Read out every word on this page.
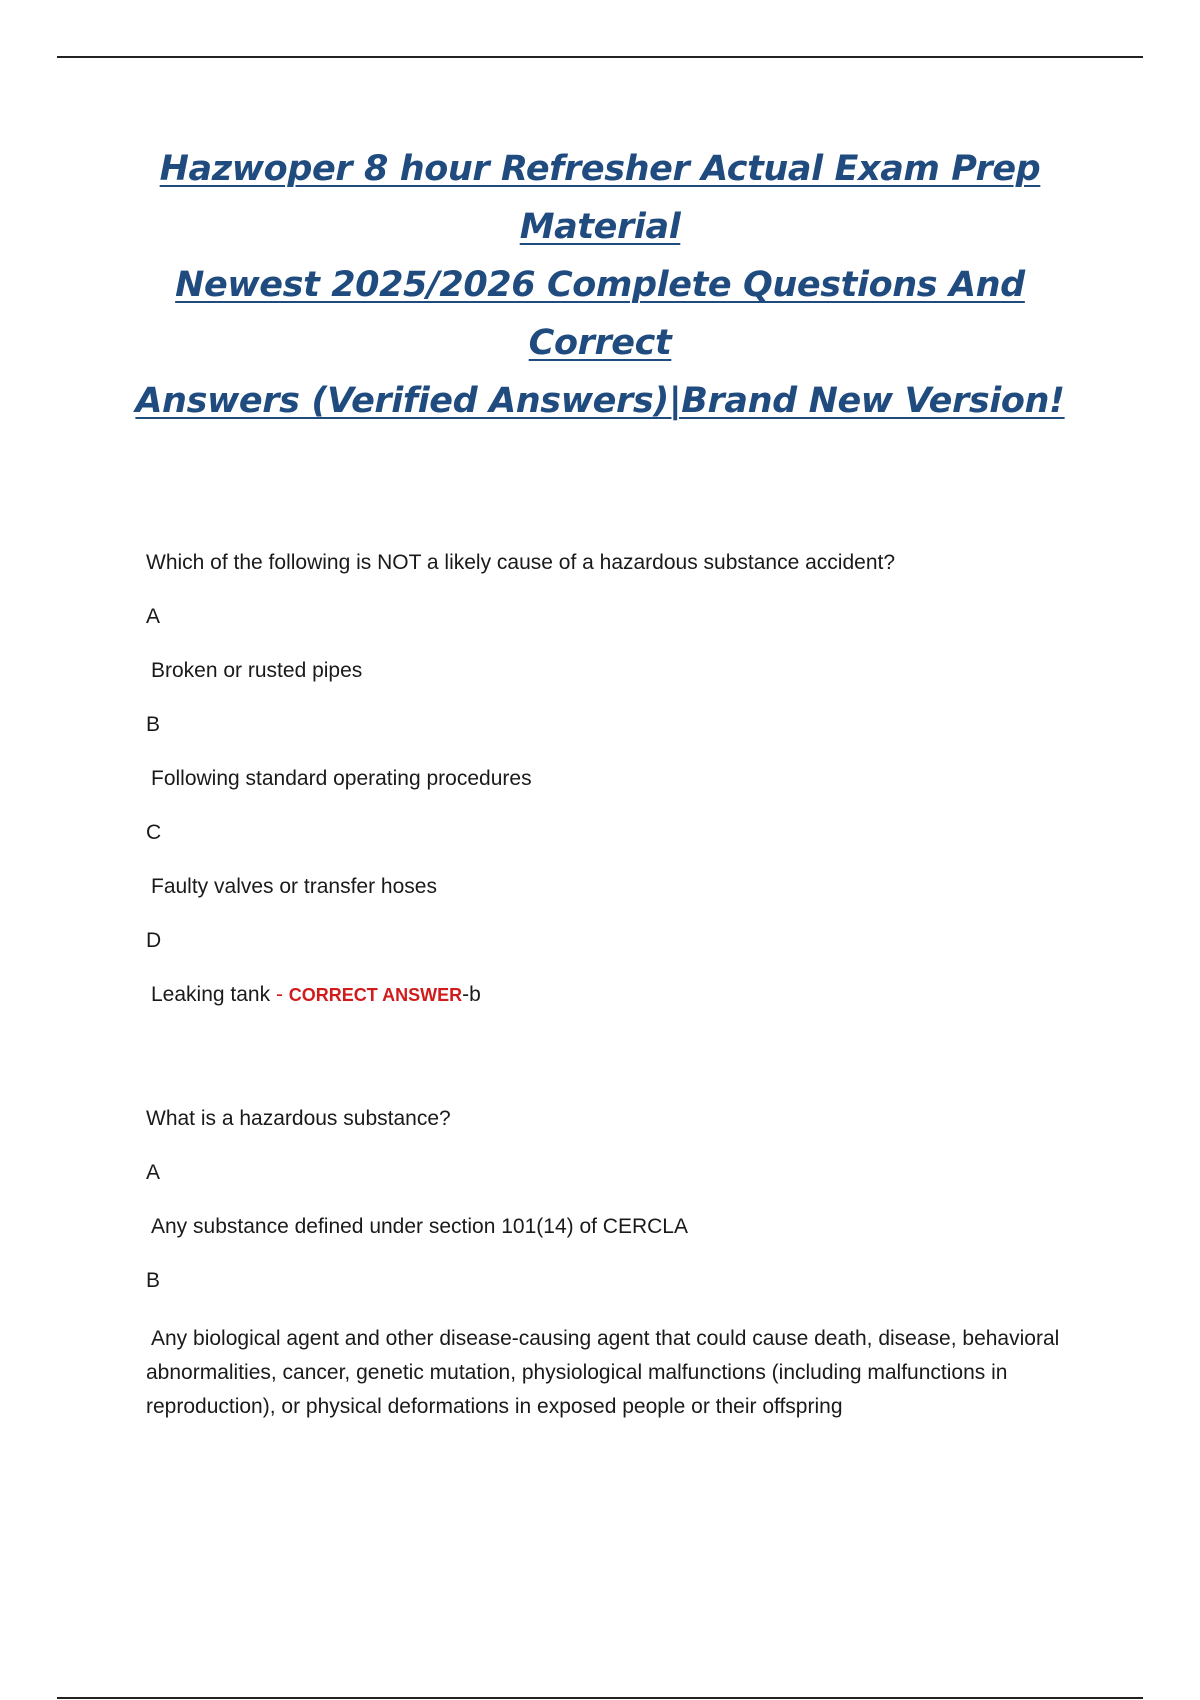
Hazwoper 8 hour Refresher Actual Exam Prep Material
Newest 2025/2026 Complete Questions And Correct
Answers (Verified Answers)|Brand New Version!

Which of the following is NOT a likely cause of a hazardous substance accident?

A

Broken or rusted pipes

B

Following standard operating procedures

C

Faulty valves or transfer hoses

D

Leaking tank - CORRECT ANSWER-b

What is a hazardous substance?

A

Any substance defined under section 101(14) of CERCLA

B

Any biological agent and other disease-causing agent that could cause death, disease, behavioral abnormalities, cancer, genetic mutation, physiological malfunctions (including malfunctions in reproduction), or physical deformations in exposed people or their offspring
